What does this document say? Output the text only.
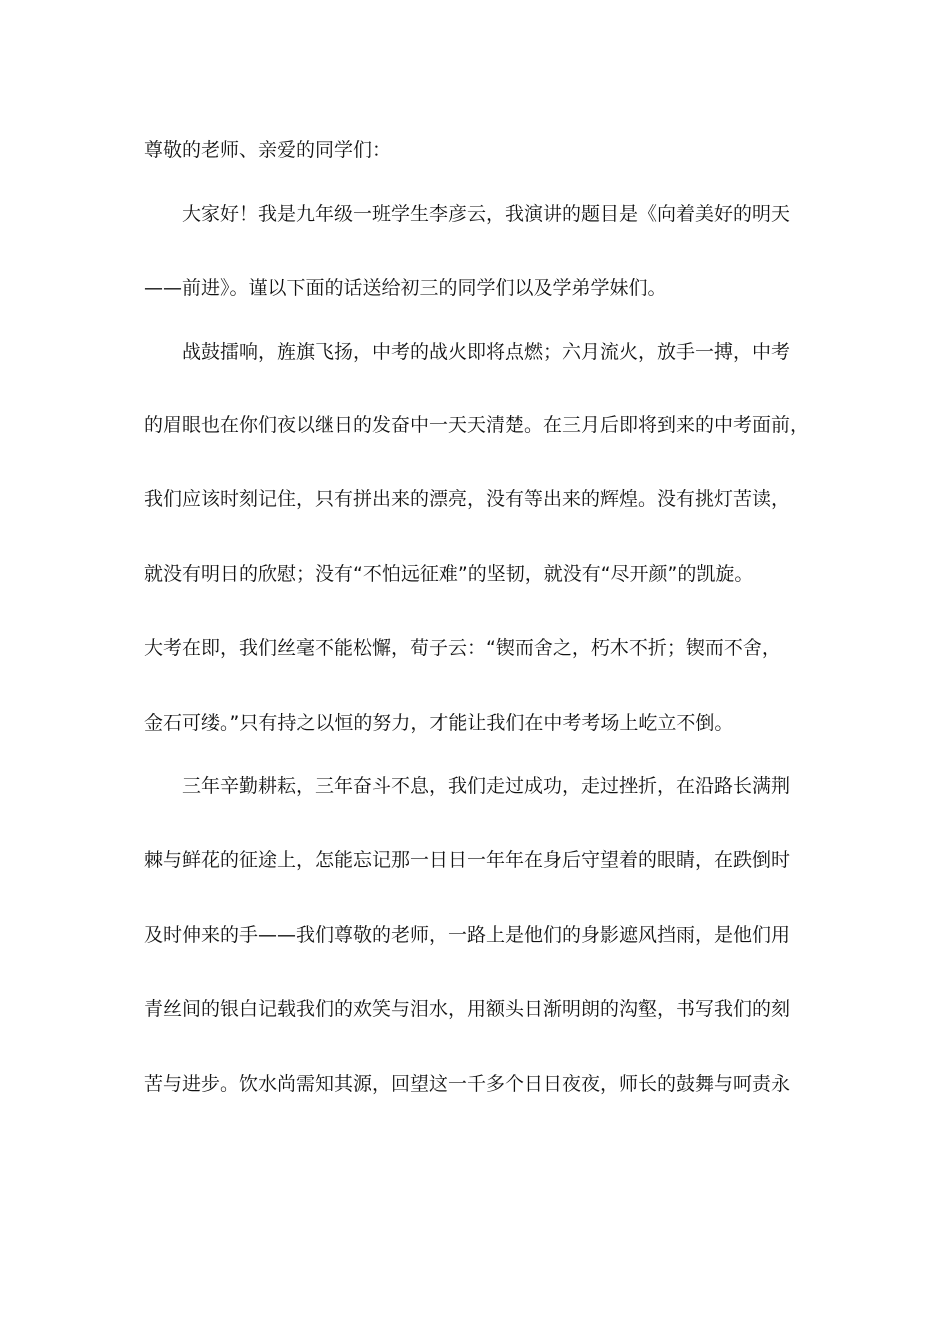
尊敬的老师、亲爱的同学们：
大家好！我是九年级一班学生李彦云，我演讲的题目是《向着美好的明天
——前进》。谨以下面的话送给初三的同学们以及学弟学妹们。
战鼓擂响，旌旗飞扬，中考的战火即将点燃；六月流火，放手一搏，中考
的眉眼也在你们夜以继日的发奋中一天天清楚。在三月后即将到来的中考面前，
我们应该时刻记住，只有拼出来的漂亮，没有等出来的辉煌。没有挑灯苦读，
就没有明日的欣慰；没有“不怕远征难”的坚韧，就没有“尽开颜”的凯旋。
大考在即，我们丝毫不能松懈，荀子云：“锲而舍之，朽木不折；锲而不舍，
金石可缕。”只有持之以恒的努力，才能让我们在中考考场上屹立不倒。
三年辛勤耕耘，三年奋斗不息，我们走过成功，走过挫折，在沿路长满荆
棘与鲜花的征途上，怎能忘记那一日日一年年在身后守望着的眼睛，在跌倒时
及时伸来的手——我们尊敬的老师，一路上是他们的身影遮风挡雨，是他们用
青丝间的银白记载我们的欢笑与泪水，用额头日渐明朗的沟壑，书写我们的刻
苦与进步。饮水尚需知其源，回望这一千多个日日夜夜，师长的鼓舞与呵责永
